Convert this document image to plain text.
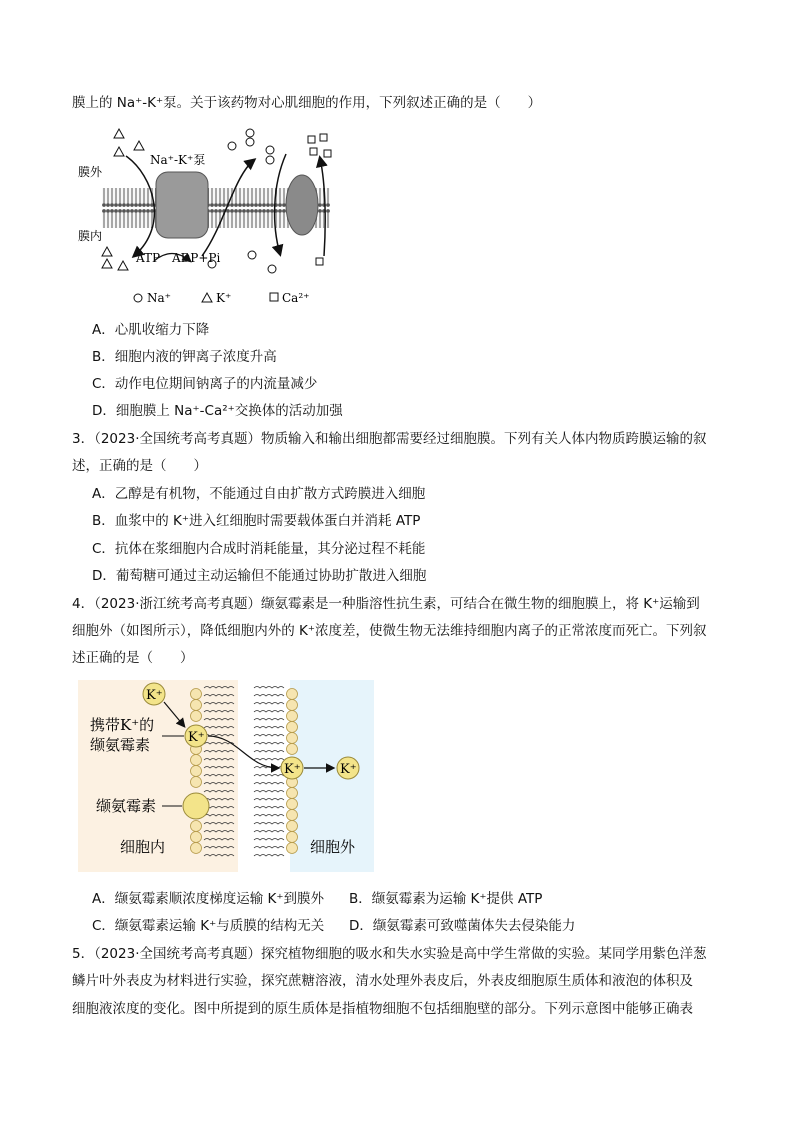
膜上的 Na⁺-K⁺泵。关于该药物对心肌细胞的作用，下列叙述正确的是（　　）
膜外
膜内
Na⁺-K⁺泵
ATP ADP+Pi
Na⁺	K⁺	Ca²⁺
A．心肌收缩力下降
B．细胞内液的钾离子浓度升高
C．动作电位期间钠离子的内流量减少
D．细胞膜上 Na⁺-Ca²⁺交换体的活动加强
3．（2023·全国统考高考真题）物质输入和输出细胞都需要经过细胞膜。下列有关人体内物质跨膜运输的叙
述，正确的是（　　）
A．乙醇是有机物，不能通过自由扩散方式跨膜进入细胞
B．血浆中的 K⁺进入红细胞时需要载体蛋白并消耗 ATP
C．抗体在浆细胞内合成时消耗能量，其分泌过程不耗能
D．葡萄糖可通过主动运输但不能通过协助扩散进入细胞
4．（2023·浙江统考高考真题）缬氨霉素是一种脂溶性抗生素，可结合在微生物的细胞膜上，将 K⁺运输到
细胞外（如图所示），降低细胞内外的 K⁺浓度差，使微生物无法维持细胞内离子的正常浓度而死亡。下列叙
述正确的是（　　）
K⁺
K⁺
K⁺	K⁺
携带K⁺的
缬氨霉素
缬氨霉素
细胞内	细胞外
A．缬氨霉素顺浓度梯度运输 K⁺到膜外 B．缬氨霉素为运输 K⁺提供 ATP
C．缬氨霉素运输 K⁺与质膜的结构无关 D．缬氨霉素可致噬菌体失去侵染能力
5．（2023·全国统考高考真题）探究植物细胞的吸水和失水实验是高中学生常做的实验。某同学用紫色洋葱
鳞片叶外表皮为材料进行实验，探究蔗糖溶液，清水处理外表皮后，外表皮细胞原生质体和液泡的体积及
细胞液浓度的变化。图中所提到的原生质体是指植物细胞不包括细胞壁的部分。下列示意图中能够正确表
